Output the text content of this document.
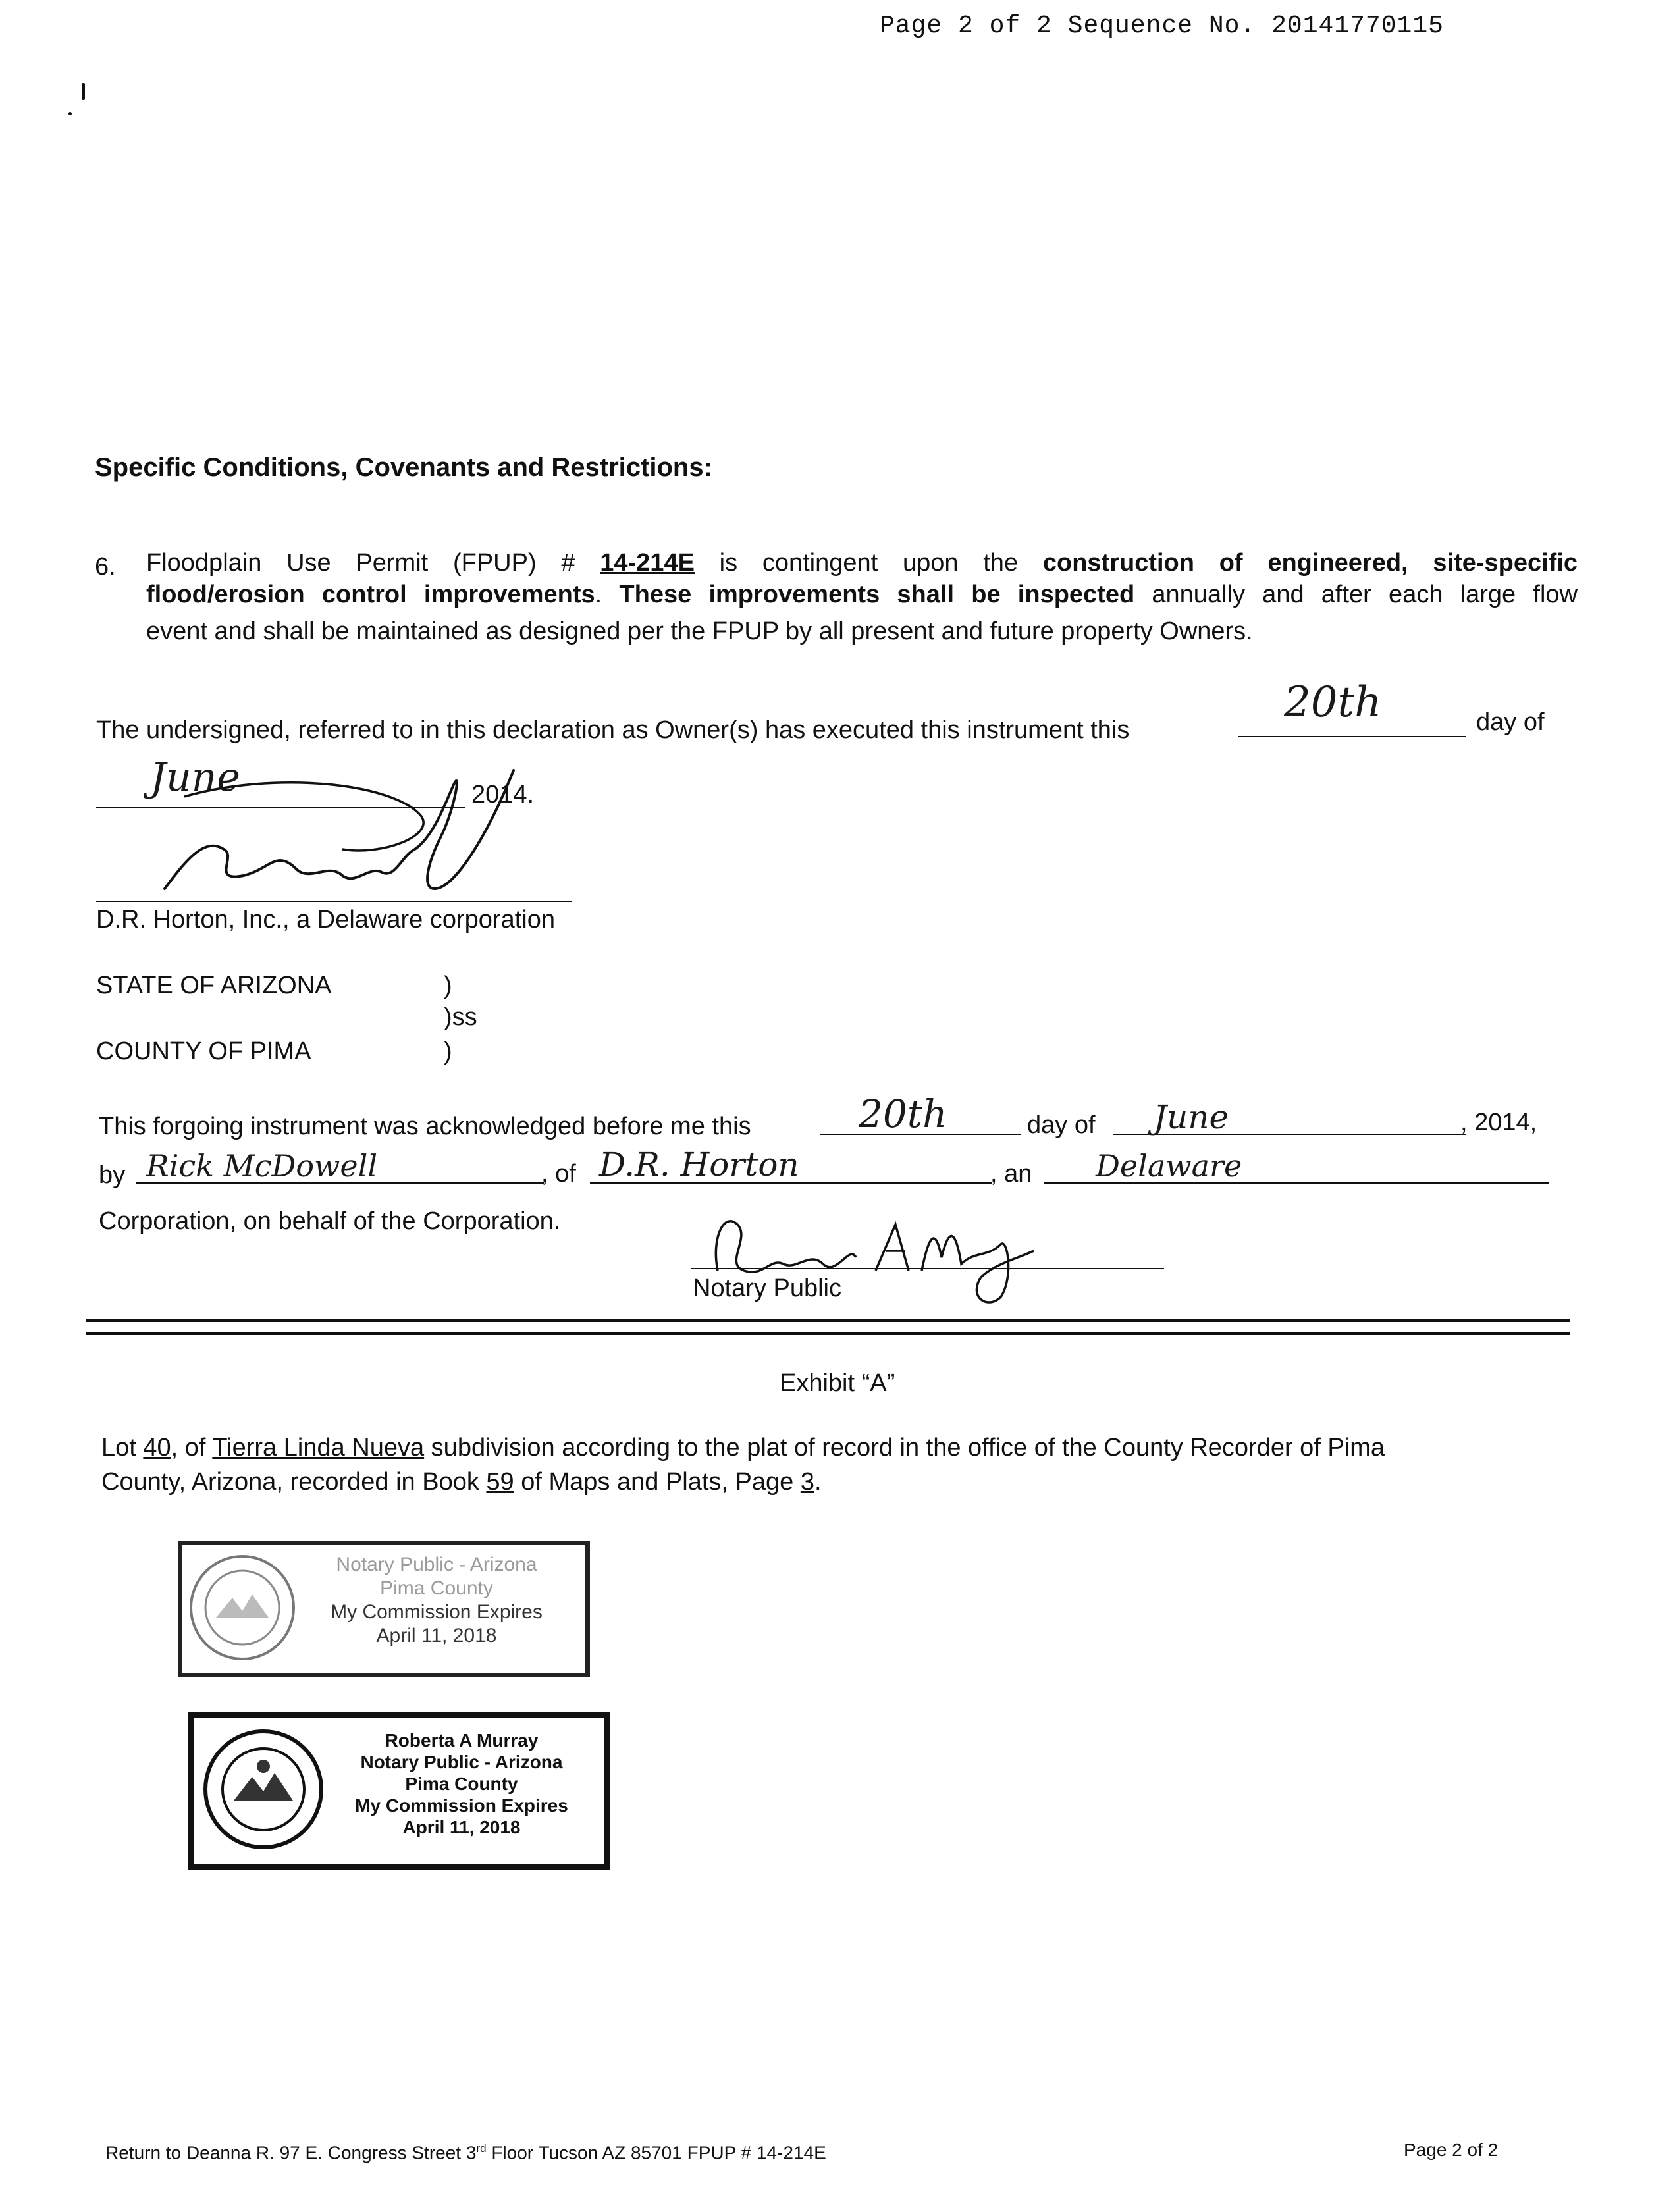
Page 2 of 2 Sequence No. 20141770115
Specific Conditions, Covenants and Restrictions:
6. Floodplain Use Permit (FPUP) # 14-214E is contingent upon the construction of engineered, site-specific
flood/erosion control improvements. These improvements shall be inspected annually and after each large flow
event and shall be maintained as designed per the FPUP by all present and future property Owners.
The undersigned, referred to in this declaration as Owner(s) has executed this instrument this
20th	day of
June	2014.
D.R. Horton, Inc., a Delaware corporation
STATE OF ARIZONA	)
)ss
COUNTY OF PIMA	)
This forgoing instrument was acknowledged before me this	20th	day of June	, 2014,
by Rick McDowell	, of D.R. Horton	, an Delaware
Corporation, on behalf of the Corporation.
Notary Public
Exhibit “A”
Lot 40, of Tierra Linda Nueva subdivision according to the plat of record in the office of the County Recorder of Pima
County, Arizona, recorded in Book 59 of Maps and Plats, Page 3.
Notary Public - Arizona
Pima County
My Commission Expires
April 11, 2018
Roberta A Murray
Notary Public - Arizona
Pima County
My Commission Expires
April 11, 2018
Return to Deanna R. 97 E. Congress Street 3rd Floor Tucson AZ 85701 FPUP # 14-214E	Page 2 of 2
